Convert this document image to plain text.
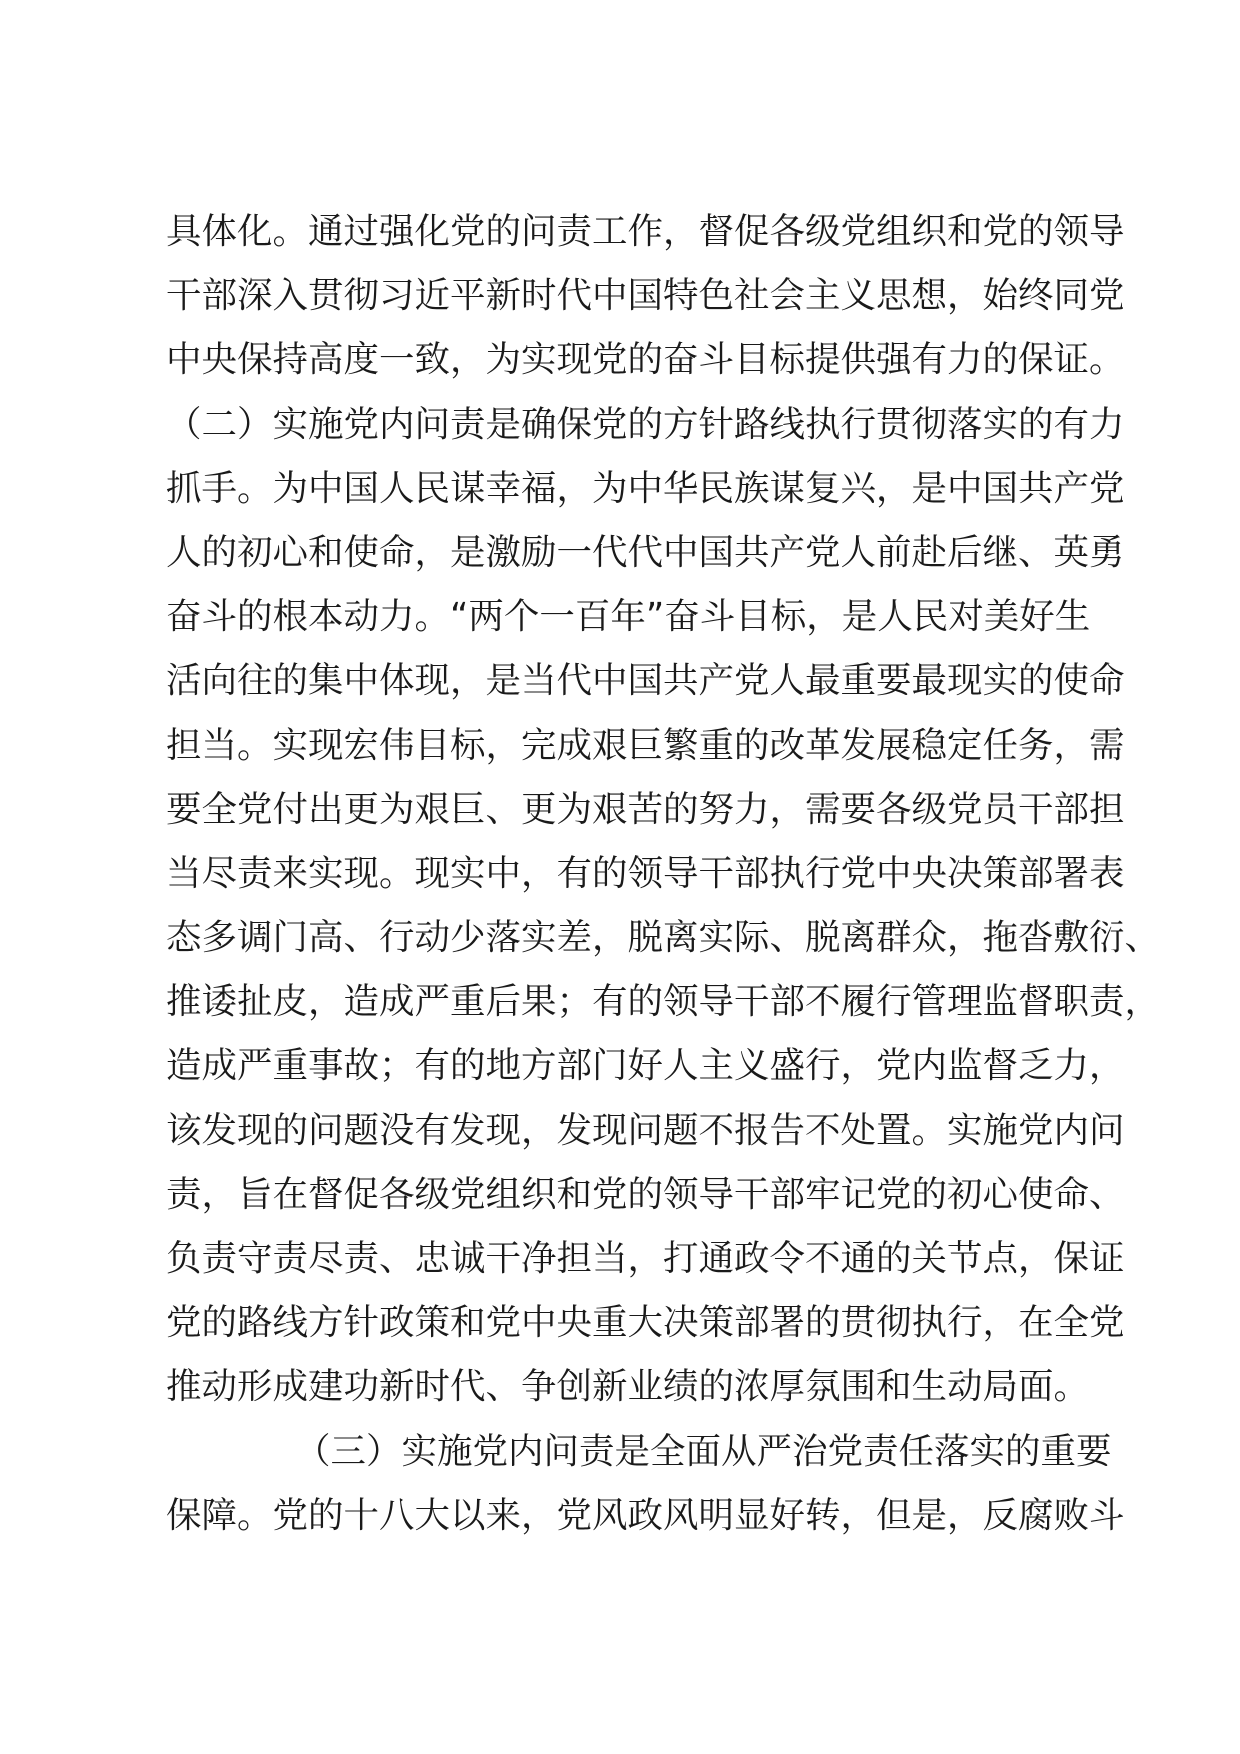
具体化。通过强化党的问责工作，督促各级党组织和党的领导
干部深入贯彻习近平新时代中国特色社会主义思想，始终同党
中央保持高度一致，为实现党的奋斗目标提供强有力的保证。
（二）实施党内问责是确保党的方针路线执行贯彻落实的有力
抓手。为中国人民谋幸福，为中华民族谋复兴，是中国共产党
人的初心和使命，是激励一代代中国共产党人前赴后继、英勇
奋斗的根本动力。“两个一百年”奋斗目标，是人民对美好生
活向往的集中体现，是当代中国共产党人最重要最现实的使命
担当。实现宏伟目标，完成艰巨繁重的改革发展稳定任务，需
要全党付出更为艰巨、更为艰苦的努力，需要各级党员干部担
当尽责来实现。现实中，有的领导干部执行党中央决策部署表
态多调门高、行动少落实差，脱离实际、脱离群众，拖沓敷衍、
推诿扯皮，造成严重后果；有的领导干部不履行管理监督职责，
造成严重事故；有的地方部门好人主义盛行，党内监督乏力，
该发现的问题没有发现，发现问题不报告不处置。实施党内问
责，旨在督促各级党组织和党的领导干部牢记党的初心使命、
负责守责尽责、忠诚干净担当，打通政令不通的关节点，保证
党的路线方针政策和党中央重大决策部署的贯彻执行，在全党
推动形成建功新时代、争创新业绩的浓厚氛围和生动局面。
（三）实施党内问责是全面从严治党责任落实的重要
保障。党的十八大以来，党风政风明显好转，但是，反腐败斗
